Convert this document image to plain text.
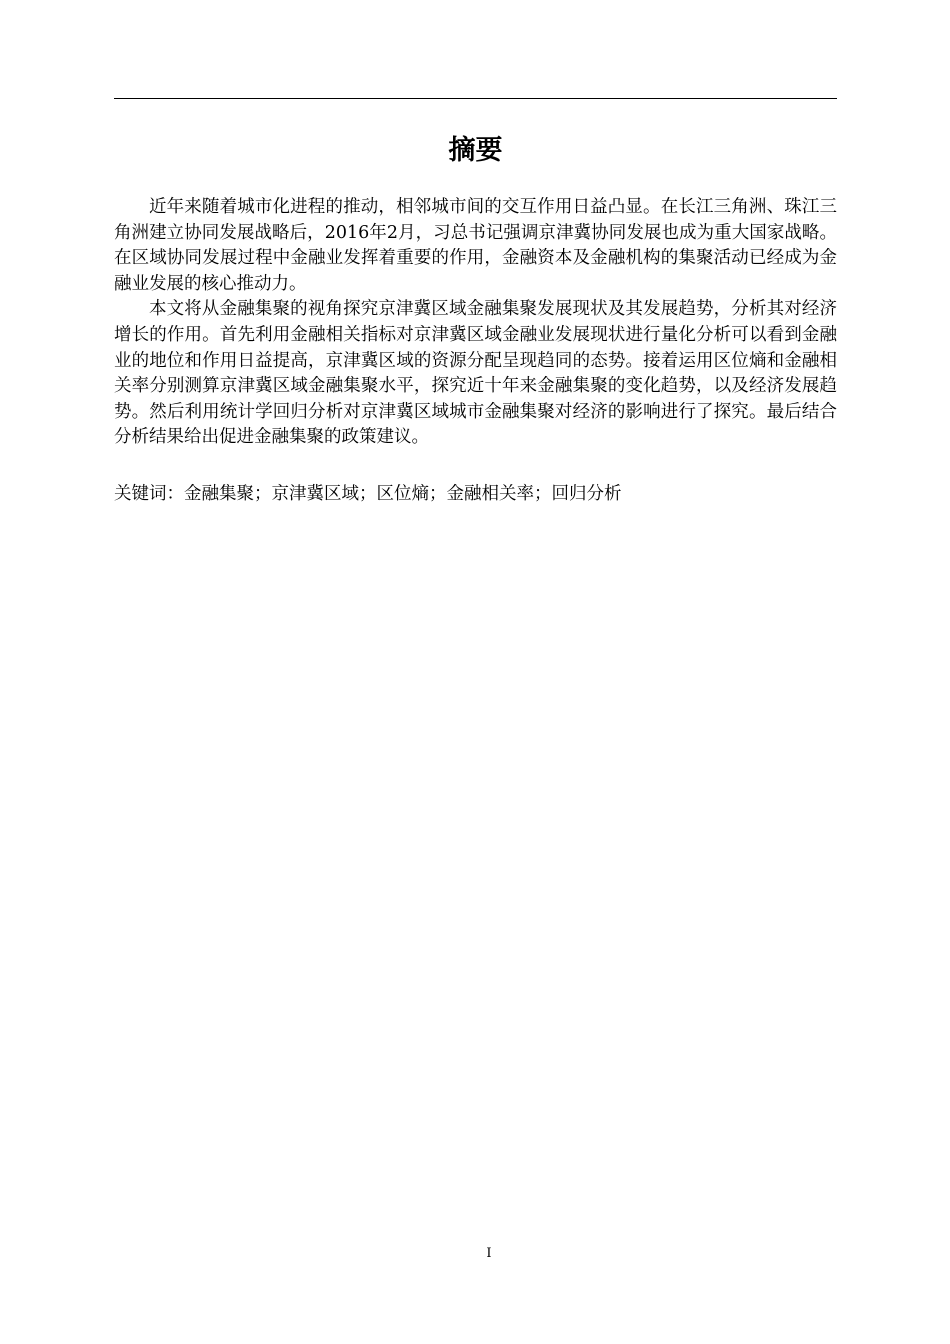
摘要

近年来随着城市化进程的推动，相邻城市间的交互作用日益凸显。在长江三角洲、珠江三角洲建立协同发展战略后，2016年2月，习总书记强调京津冀协同发展也成为重大国家战略。在区域协同发展过程中金融业发挥着重要的作用，金融资本及金融机构的集聚活动已经成为金融业发展的核心推动力。

本文将从金融集聚的视角探究京津冀区域金融集聚发展现状及其发展趋势，分析其对经济增长的作用。首先利用金融相关指标对京津冀区域金融业发展现状进行量化分析可以看到金融业的地位和作用日益提高，京津冀区域的资源分配呈现趋同的态势。接着运用区位熵和金融相关率分别测算京津冀区域金融集聚水平，探究近十年来金融集聚的变化趋势，以及经济发展趋势。然后利用统计学回归分析对京津冀区域城市金融集聚对经济的影响进行了探究。最后结合分析结果给出促进金融集聚的政策建议。

关键词：金融集聚；京津冀区域；区位熵；金融相关率；回归分析

I
